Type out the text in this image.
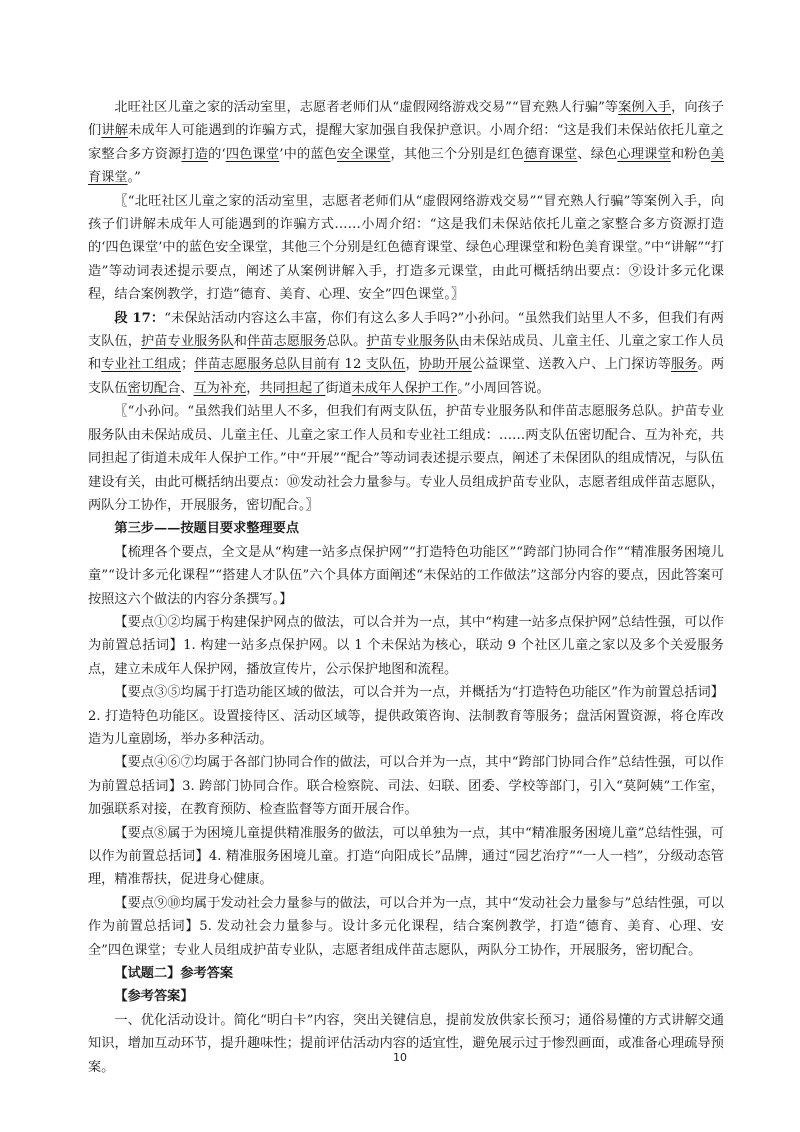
北旺社区儿童之家的活动室里，志愿者老师们从“虚假网络游戏交易”“冒充熟人行骗”等案例入手，向孩子们讲解未成年人可能遇到的诈骗方式，提醒大家加强自我保护意识。小周介绍：“这是我们未保站依托儿童之家整合多方资源打造的‘四色课堂’中的蓝色安全课堂，其他三个分别是红色德育课堂、绿色心理课堂和粉色美育课堂。”

〖“北旺社区儿童之家的活动室里，志愿者老师们从“虚假网络游戏交易”“冒充熟人行骗”等案例入手，向孩子们讲解未成年人可能遇到的诈骗方式……小周介绍：“这是我们未保站依托儿童之家整合多方资源打造的‘四色课堂’中的蓝色安全课堂，其他三个分别是红色德育课堂、绿色心理课堂和粉色美育课堂。”中“讲解”“打造”等动词表述提示要点，阐述了从案例讲解入手，打造多元课堂，由此可概括纳出要点：⑨设计多元化课程，结合案例教学，打造“德育、美育、心理、安全”四色课堂。〗

段 17：“未保站活动内容这么丰富，你们有这么多人手吗?”小孙问。“虽然我们站里人不多，但我们有两支队伍，护苗专业服务队和伴苗志愿服务总队。护苗专业服务队由未保站成员、儿童主任、儿童之家工作人员和专业社工组成；伴苗志愿服务总队目前有 12 支队伍，协助开展公益课堂、送教入户、上门探访等服务。两支队伍密切配合、互为补充，共同担起了街道未成年人保护工作。”小周回答说。

〖“小孙问。“虽然我们站里人不多，但我们有两支队伍，护苗专业服务队和伴苗志愿服务总队。护苗专业服务队由未保站成员、儿童主任、儿童之家工作人员和专业社工组成：……两支队伍密切配合、互为补充，共同担起了街道未成年人保护工作。”中“开展”“配合”等动词表述提示要点，阐述了未保团队的组成情况，与队伍建设有关，由此可概括纳出要点：⑩发动社会力量参与。专业人员组成护苗专业队，志愿者组成伴苗志愿队，两队分工协作，开展服务，密切配合。〗

第三步——按题目要求整理要点

【梳理各个要点，全文是从“构建一站多点保护网”“打造特色功能区”“跨部门协同合作”“精准服务困境儿童”“设计多元化课程”“搭建人才队伍”六个具体方面阐述“未保站的工作做法”这部分内容的要点，因此答案可按照这六个做法的内容分条撰写。】

【要点①②均属于构建保护网点的做法，可以合并为一点，其中“构建一站多点保护网”总结性强，可以作为前置总括词】1. 构建一站多点保护网。以 1 个未保站为核心，联动 9 个社区儿童之家以及多个关爱服务点，建立未成年人保护网，播放宣传片，公示保护地图和流程。

【要点③⑤均属于打造功能区域的做法，可以合并为一点，并概括为“打造特色功能区”作为前置总括词】2. 打造特色功能区。设置接待区、活动区域等，提供政策咨询、法制教育等服务；盘活闲置资源，将仓库改造为儿童剧场，举办多种活动。

【要点④⑥⑦均属于各部门协同合作的做法，可以合并为一点，其中“跨部门协同合作”总结性强，可以作为前置总括词】3. 跨部门协同合作。联合检察院、司法、妇联、团委、学校等部门，引入“莫阿姨”工作室，加强联系对接，在教育预防、检查监督等方面开展合作。

【要点⑧属于为困境儿童提供精准服务的做法，可以单独为一点，其中“精准服务困境儿童”总结性强，可以作为前置总括词】4. 精准服务困境儿童。打造“向阳成长”品牌，通过“园艺治疗”“一人一档”，分级动态管理，精准帮扶，促进身心健康。

【要点⑨⑩均属于发动社会力量参与的做法，可以合并为一点，其中“发动社会力量参与”总结性强，可以作为前置总括词】5. 发动社会力量参与。设计多元化课程，结合案例教学，打造“德育、美育、心理、安全”四色课堂；专业人员组成护苗专业队，志愿者组成伴苗志愿队，两队分工协作，开展服务，密切配合。

【试题二】参考答案

【参考答案】

一、优化活动设计。简化“明白卡”内容，突出关键信息，提前发放供家长预习；通俗易懂的方式讲解交通知识，增加互动环节，提升趣味性；提前评估活动内容的适宜性，避免展示过于惨烈画面，或准备心理疏导预案。

10
